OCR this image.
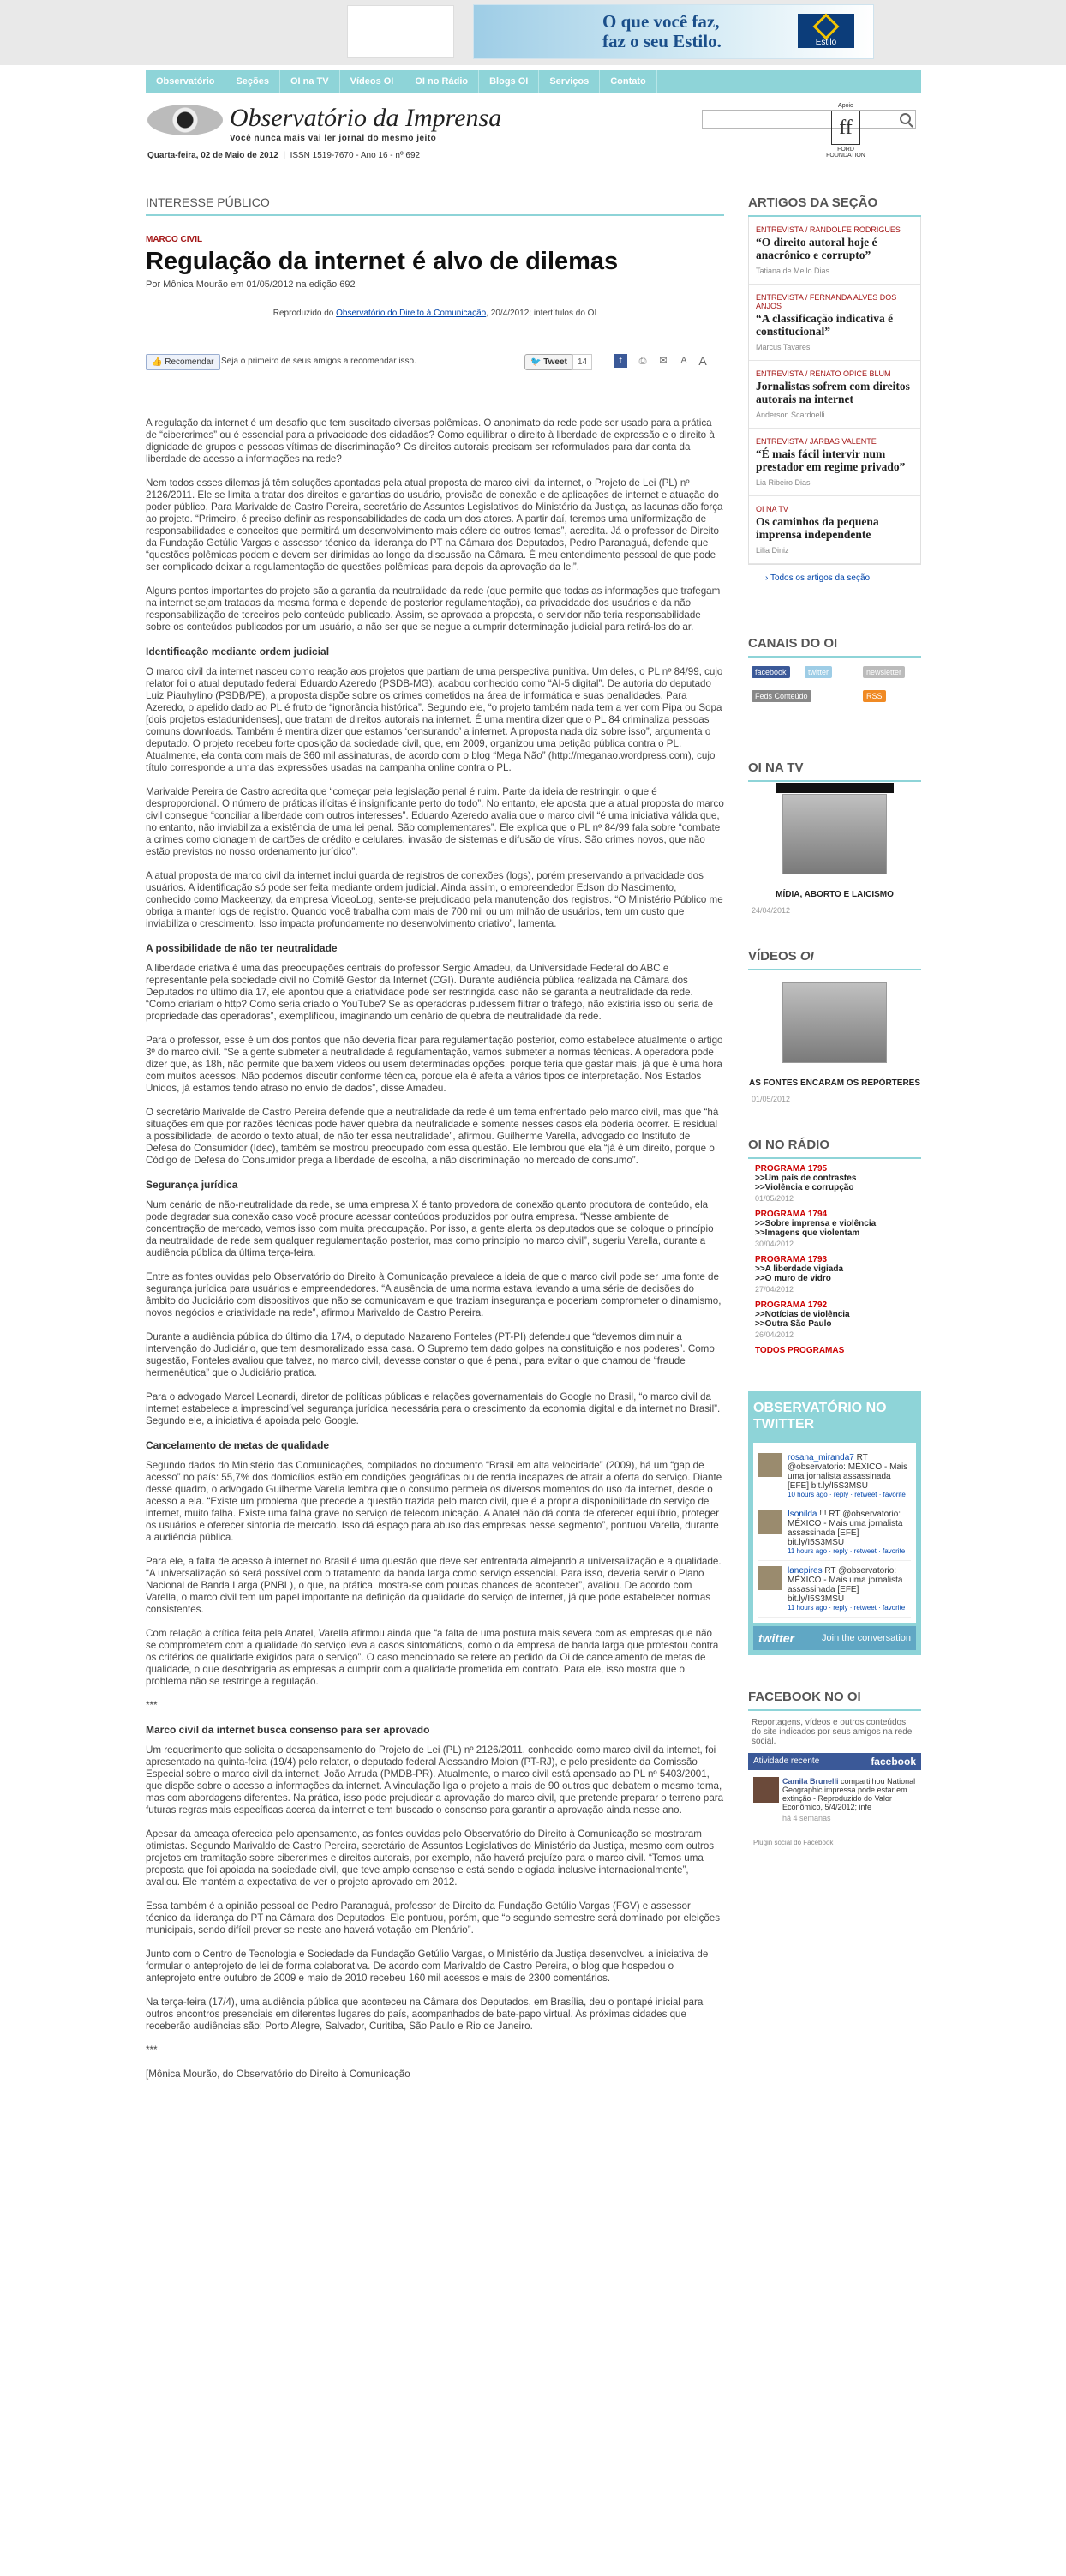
O que você faz,
faz o seu Estilo.	Estilo
Observatório Seções OI na TV Vídeos OI OI no Rádio Blogs OI Serviços Contato
Observatório da Imprensa
Você nunca mais vai ler jornal do mesmo jeito
Quarta-feira, 02 de Maio de 2012  |  ISSN 1519-7670 - Ano 16 - nº 692
Apoio
ff
FORD FOUNDATION
INTERESSE PÚBLICO
MARCO CIVIL
Regulação da internet é alvo de dilemas
Por Mônica Mourão em 01/05/2012 na edição 692
Reproduzido do Observatório do Direito à Comunicação, 20/4/2012; intertítulos do OI
👍 Recomendar Seja o primeiro de seus amigos a recomendar isso.	🐦 Tweet	14	f	⎙	✉	A	A

A regulação da internet é um desafio que tem suscitado diversas polêmicas. O anonimato da rede pode ser usado para a prática de “cibercrimes” ou é essencial para a privacidade dos cidadãos? Como equilibrar o direito à liberdade de expressão e o direito à dignidade de grupos e pessoas vítimas de discriminação? Os direitos autorais precisam ser reformulados para dar conta da liberdade de acesso a informações na rede?

Nem todos esses dilemas já têm soluções apontadas pela atual proposta de marco civil da internet, o Projeto de Lei (PL) nº 2126/2011. Ele se limita a tratar dos direitos e garantias do usuário, provisão de conexão e de aplicações de internet e atuação do poder público. Para Marivalde de Castro Pereira, secretário de Assuntos Legislativos do Ministério da Justiça, as lacunas dão força ao projeto. “Primeiro, é preciso definir as responsabilidades de cada um dos atores. A partir daí, teremos uma uniformização de responsabilidades e conceitos que permitirá um desenvolvimento mais célere de outros temas”, acredita. Já o professor de Direito da Fundação Getúlio Vargas e assessor técnico da liderança do PT na Câmara dos Deputados, Pedro Paranaguá, defende que “questões polêmicas podem e devem ser dirimidas ao longo da discussão na Câmara. É meu entendimento pessoal de que pode ser complicado deixar a regulamentação de questões polêmicas para depois da aprovação da lei”.

Alguns pontos importantes do projeto são a garantia da neutralidade da rede (que permite que todas as informações que trafegam na internet sejam tratadas da mesma forma e depende de posterior regulamentação), da privacidade dos usuários e da não responsabilização de terceiros pelo conteúdo publicado. Assim, se aprovada a proposta, o servidor não teria responsabilidade sobre os conteúdos publicados por um usuário, a não ser que se negue a cumprir determinação judicial para retirá-los do ar.

Identificação mediante ordem judicial

O marco civil da internet nasceu como reação aos projetos que partiam de uma perspectiva punitiva. Um deles, o PL nº 84/99, cujo relator foi o atual deputado federal Eduardo Azeredo (PSDB-MG), acabou conhecido como “AI-5 digital”. De autoria do deputado Luiz Piauhylino (PSDB/PE), a proposta dispõe sobre os crimes cometidos na área de informática e suas penalidades. Para Azeredo, o apelido dado ao PL é fruto de “ignorância histórica”. Segundo ele, “o projeto também nada tem a ver com Pipa ou Sopa [dois projetos estadunidenses], que tratam de direitos autorais na internet. É uma mentira dizer que o PL 84 criminaliza pessoas comuns downloads. Também é mentira dizer que estamos ‘censurando’ a internet. A proposta nada diz sobre isso”, argumenta o deputado. O projeto recebeu forte oposição da sociedade civil, que, em 2009, organizou uma petição pública contra o PL. Atualmente, ela conta com mais de 360 mil assinaturas, de acordo com o blog “Mega Não” (http://meganao.wordpress.com), cujo título corresponde a uma das expressões usadas na campanha online contra o PL.

Marivalde Pereira de Castro acredita que “começar pela legislação penal é ruim. Parte da ideia de restringir, o que é desproporcional. O número de práticas ilícitas é insignificante perto do todo”. No entanto, ele aposta que a atual proposta do marco civil consegue “conciliar a liberdade com outros interesses”. Eduardo Azeredo avalia que o marco civil “é uma iniciativa válida que, no entanto, não inviabiliza a existência de uma lei penal. São complementares”. Ele explica que o PL nº 84/99 fala sobre “combate a crimes como clonagem de cartões de crédito e celulares, invasão de sistemas e difusão de vírus. São crimes novos, que não estão previstos no nosso ordenamento jurídico”.

A atual proposta de marco civil da internet inclui guarda de registros de conexões (logs), porém preservando a privacidade dos usuários. A identificação só pode ser feita mediante ordem judicial. Ainda assim, o empreendedor Edson do Nascimento, conhecido como Mackeenzy, da empresa VideoLog, sente-se prejudicado pela manutenção dos registros. “O Ministério Público me obriga a manter logs de registro. Quando você trabalha com mais de 700 mil ou um milhão de usuários, tem um custo que inviabiliza o crescimento. Isso impacta profundamente no desenvolvimento criativo”, lamenta.

A possibilidade de não ter neutralidade

A liberdade criativa é uma das preocupações centrais do professor Sergio Amadeu, da Universidade Federal do ABC e representante pela sociedade civil no Comitê Gestor da Internet (CGI). Durante audiência pública realizada na Câmara dos Deputados no último dia 17, ele apontou que a criatividade pode ser restringida caso não se garanta a neutralidade da rede. “Como criariam o http? Como seria criado o YouTube? Se as operadoras pudessem filtrar o tráfego, não existiria isso ou seria de propriedade das operadoras”, exemplificou, imaginando um cenário de quebra de neutralidade da rede.

Para o professor, esse é um dos pontos que não deveria ficar para regulamentação posterior, como estabelece atualmente o artigo 3º do marco civil. “Se a gente submeter a neutralidade à regulamentação, vamos submeter a normas técnicas. A operadora pode dizer que, às 18h, não permite que baixem vídeos ou usem determinadas opções, porque teria que gastar mais, já que é uma hora com muitos acessos. Não podemos discutir conforme técnica, porque ela é afeita a vários tipos de interpretação. Nos Estados Unidos, já estamos tendo atraso no envio de dados”, disse Amadeu.

O secretário Marivalde de Castro Pereira defende que a neutralidade da rede é um tema enfrentado pelo marco civil, mas que “há situações em que por razões técnicas pode haver quebra da neutralidade e somente nesses casos ela poderia ocorrer. E residual a possibilidade, de acordo o texto atual, de não ter essa neutralidade”, afirmou. Guilherme Varella, advogado do Instituto de Defesa do Consumidor (Idec), também se mostrou preocupado com essa questão. Ele lembrou que ela “já é um direito, porque o Código de Defesa do Consumidor prega a liberdade de escolha, a não discriminação no mercado de consumo”.

Segurança jurídica

Num cenário de não-neutralidade da rede, se uma empresa X é tanto provedora de conexão quanto produtora de conteúdo, ela pode degradar sua conexão caso você procure acessar conteúdos produzidos por outra empresa. “Nesse ambiente de concentração de mercado, vemos isso com muita preocupação. Por isso, a gente alerta os deputados que se coloque o princípio da neutralidade de rede sem qualquer regulamentação posterior, mas como princípio no marco civil”, sugeriu Varella, durante a audiência pública da última terça-feira.

Entre as fontes ouvidas pelo Observatório do Direito à Comunicação prevalece a ideia de que o marco civil pode ser uma fonte de segurança jurídica para usuários e empreendedores. “A ausência de uma norma estava levando a uma série de decisões do âmbito do Judiciário com dispositivos que não se comunicavam e que traziam insegurança e poderiam comprometer o dinamismo, novos negócios e criatividade na rede”, afirmou Marivaldo de Castro Pereira.

Durante a audiência pública do último dia 17/4, o deputado Nazareno Fonteles (PT-PI) defendeu que “devemos diminuir a intervenção do Judiciário, que tem desmoralizado essa casa. O Supremo tem dado golpes na constituição e nos poderes”. Como sugestão, Fonteles avaliou que talvez, no marco civil, devesse constar o que é penal, para evitar o que chamou de “fraude hermenêutica” que o Judiciário pratica.

Para o advogado Marcel Leonardi, diretor de políticas públicas e relações governamentais do Google no Brasil, “o marco civil da internet estabelece a imprescindível segurança jurídica necessária para o crescimento da economia digital e da internet no Brasil”. Segundo ele, a iniciativa é apoiada pelo Google.

Cancelamento de metas de qualidade

Segundo dados do Ministério das Comunicações, compilados no documento “Brasil em alta velocidade” (2009), há um “gap de acesso” no país: 55,7% dos domicílios estão em condições geográficas ou de renda incapazes de atrair a oferta do serviço. Diante desse quadro, o advogado Guilherme Varella lembra que o consumo permeia os diversos momentos do uso da internet, desde o acesso a ela. “Existe um problema que precede a questão trazida pelo marco civil, que é a própria disponibilidade do serviço de internet, muito falha. Existe uma falha grave no serviço de telecomunicação. A Anatel não dá conta de oferecer equilíbrio, proteger os usuários e oferecer sintonia de mercado. Isso dá espaço para abuso das empresas nesse segmento”, pontuou Varella, durante a audiência pública.

Para ele, a falta de acesso à internet no Brasil é uma questão que deve ser enfrentada almejando a universalização e a qualidade. “A universalização só será possível com o tratamento da banda larga como serviço essencial. Para isso, deveria servir o Plano Nacional de Banda Larga (PNBL), o que, na prática, mostra-se com poucas chances de acontecer”, avaliou. De acordo com Varella, o marco civil tem um papel importante na definição da qualidade do serviço de internet, já que pode estabelecer normas consistentes.

Com relação à crítica feita pela Anatel, Varella afirmou ainda que “a falta de uma postura mais severa com as empresas que não se comprometem com a qualidade do serviço leva a casos sintomáticos, como o da empresa de banda larga que protestou contra os critérios de qualidade exigidos para o serviço”. O caso mencionado se refere ao pedido da Oi de cancelamento de metas de qualidade, o que desobrigaria as empresas a cumprir com a qualidade prometida em contrato. Para ele, isso mostra que o problema não se restringe à regulação.

***

Marco civil da internet busca consenso para ser aprovado

Um requerimento que solicita o desapensamento do Projeto de Lei (PL) nº 2126/2011, conhecido como marco civil da internet, foi apresentado na quinta-feira (19/4) pelo relator, o deputado federal Alessandro Molon (PT-RJ), e pelo presidente da Comissão Especial sobre o marco civil da internet, João Arruda (PMDB-PR). Atualmente, o marco civil está apensado ao PL nº 5403/2001, que dispõe sobre o acesso a informações da internet. A vinculação liga o projeto a mais de 90 outros que debatem o mesmo tema, mas com abordagens diferentes. Na prática, isso pode prejudicar a aprovação do marco civil, que pretende preparar o terreno para futuras regras mais específicas acerca da internet e tem buscado o consenso para garantir a aprovação ainda nesse ano.

Apesar da ameaça oferecida pelo apensamento, as fontes ouvidas pelo Observatório do Direito à Comunicação se mostraram otimistas. Segundo Marivaldo de Castro Pereira, secretário de Assuntos Legislativos do Ministério da Justiça, mesmo com outros projetos em tramitação sobre cibercrimes e direitos autorais, por exemplo, não haverá prejuízo para o marco civil. “Temos uma proposta que foi apoiada na sociedade civil, que teve amplo consenso e está sendo elogiada inclusive internacionalmente”, avaliou. Ele mantém a expectativa de ver o projeto aprovado em 2012.

Essa também é a opinião pessoal de Pedro Paranaguá, professor de Direito da Fundação Getúlio Vargas (FGV) e assessor técnico da liderança do PT na Câmara dos Deputados. Ele pontuou, porém, que “o segundo semestre será dominado por eleições municipais, sendo difícil prever se neste ano haverá votação em Plenário”.

Junto com o Centro de Tecnologia e Sociedade da Fundação Getúlio Vargas, o Ministério da Justiça desenvolveu a iniciativa de formular o anteprojeto de lei de forma colaborativa. De acordo com Marivaldo de Castro Pereira, o blog que hospedou o anteprojeto entre outubro de 2009 e maio de 2010 recebeu 160 mil acessos e mais de 2300 comentários.

Na terça-feira (17/4), uma audiência pública que aconteceu na Câmara dos Deputados, em Brasília, deu o pontapé inicial para outros encontros presenciais em diferentes lugares do país, acompanhados de bate-papo virtual. As próximas cidades que receberão audiências são: Porto Alegre, Salvador, Curitiba, São Paulo e Rio de Janeiro.

***

[Mônica Mourão, do Observatório do Direito à Comunicação

ARTIGOS DA SEÇÃO
ENTREVISTA / RANDOLFE RODRIGUES
“O direito autoral hoje é anacrônico e corrupto”
Tatiana de Mello Dias
ENTREVISTA / FERNANDA ALVES DOS ANJOS
“A classificação indicativa é constitucional”
Marcus Tavares
ENTREVISTA / RENATO OPICE BLUM
Jornalistas sofrem com direitos autorais na internet
Anderson Scardoelli
ENTREVISTA / JARBAS VALENTE
“É mais fácil intervir num prestador em regime privado”
Lia Ribeiro Dias
OI NA TV
Os caminhos da pequena imprensa independente
Lilia Diniz
› Todos os artigos da seção
CANAIS DO OI
facebook	twitter	newsletter
Feds Conteúdo	RSS
OI NA TV
MÍDIA, ABORTO E LAICISMO
24/04/2012
VÍDEOS OI
AS FONTES ENCARAM OS REPÓRTERES
01/05/2012
OI NO RÁDIO
PROGRAMA 1795
>>Um país de contrastes
>>Violência e corrupção
01/05/2012
PROGRAMA 1794
>>Sobre imprensa e violência
>>Imagens que violentam
30/04/2012
PROGRAMA 1793
>>A liberdade vigiada
>>O muro de vidro
27/04/2012
PROGRAMA 1792
>>Notícias de violência
>>Outra São Paulo
26/04/2012
TODOS PROGRAMAS
OBSERVATÓRIO NO TWITTER
rosana_miranda7 RT @observatorio: MÉXICO - Mais uma jornalista assassinada [EFE] bit.ly/I5S3MSU
10 hours ago · reply · retweet · favorite
Isonilda !!! RT @observatorio: MÉXICO - Mais uma jornalista assassinada [EFE] bit.ly/I5S3MSU
11 hours ago · reply · retweet · favorite
lanepires RT @observatorio: MÉXICO - Mais uma jornalista assassinada [EFE] bit.ly/I5S3MSU
11 hours ago · reply · retweet · favorite
twitter	Join the conversation
FACEBOOK NO OI
Reportagens, vídeos e outros conteúdos do site indicados por seus amigos na rede social.
Atividade recente	facebook
Camila Brunelli compartilhou National Geographic impressa pode estar em extinção - Reproduzido do Valor Econômico, 5/4/2012; infe
há 4 semanas
Plugin social do Facebook
